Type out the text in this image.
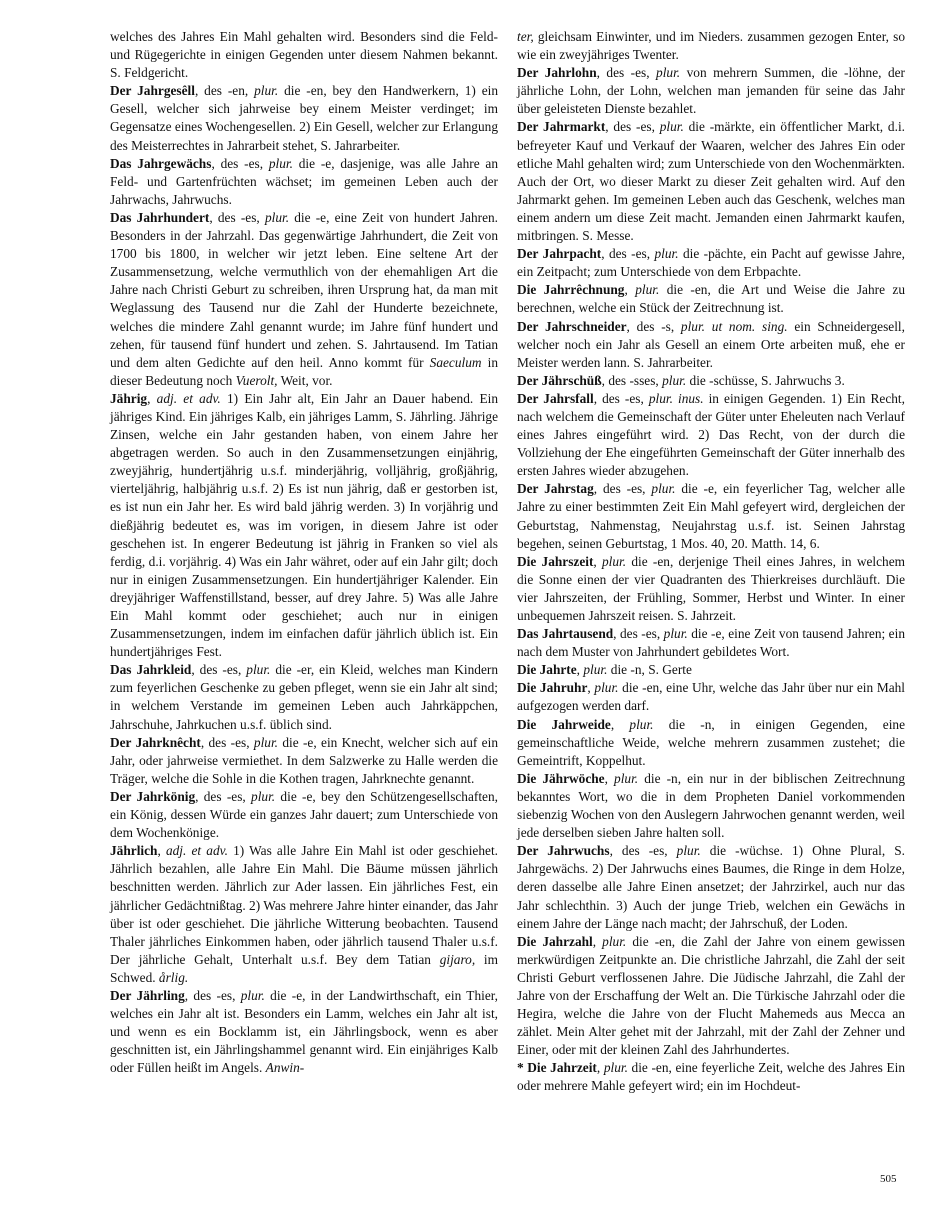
welches des Jahres Ein Mahl gehalten wird. Besonders sind die Feld- und Rügegerichte in einigen Gegenden unter diesem Nahmen bekannt. S. Feldgericht.

Der Jahrgesêll, des -en, plur. die -en, bey den Handwerkern, 1) ein Gesell, welcher sich jahrweise bey einem Meister verdinget; im Gegensatze eines Wochengesellen. 2) Ein Gesell, welcher zur Erlangung des Meisterrechtes in Jahrarbeit stehet, S. Jahrarbeiter.

Das Jahrgewächs, des -es, plur. die -e, dasjenige, was alle Jahre an Feld- und Gartenfrüchten wächset; im gemeinen Leben auch der Jahrwachs, Jahrwuchs.

Das Jahrhundert, des -es, plur. die -e, eine Zeit von hundert Jahren. Besonders in der Jahrzahl. Das gegenwärtige Jahrhundert, die Zeit von 1700 bis 1800, in welcher wir jetzt leben. Eine seltene Art der Zusammensetzung, welche vermuthlich von der ehemahligen Art die Jahre nach Christi Geburt zu schreiben, ihren Ursprung hat, da man mit Weglassung des Tausend nur die Zahl der Hunderte bezeichnete, welches die mindere Zahl genannt wurde; im Jahre fünf hundert und zehen, für tausend fünf hundert und zehen. S. Jahrtausend. Im Tatian und dem alten Gedichte auf den heil. Anno kommt für Saeculum in dieser Bedeutung noch Vuerolt, Weit, vor.

Jährig, adj. et adv. 1) Ein Jahr alt, Ein Jahr an Dauer habend. Ein jähriges Kind. Ein jähriges Kalb, ein jähriges Lamm, S. Jährling. Jährige Zinsen, welche ein Jahr gestanden haben, von einem Jahre her abgetragen werden. So auch in den Zusammensetzungen einjährig, zweyjährig, hundertjährig u.s.f. minderjährig, volljährig, großjährig, vierteljährig, halbjährig u.s.f. 2) Es ist nun jährig, daß er gestorben ist, es ist nun ein Jahr her. Es wird bald jährig werden. 3) In vorjährig und dießjährig bedeutet es, was im vorigen, in diesem Jahre ist oder geschehen ist. In engerer Bedeutung ist jährig in Franken so viel als ferdig, d.i. vorjährig. 4) Was ein Jahr währet, oder auf ein Jahr gilt; doch nur in einigen Zusammensetzungen. Ein hundertjähriger Kalender. Ein dreyjähriger Waffenstillstand, besser, auf drey Jahre. 5) Was alle Jahre Ein Mahl kommt oder geschiehet; auch nur in einigen Zusammensetzungen, indem im einfachen dafür jährlich üblich ist. Ein hundertjähriges Fest.

Das Jahrkleid, des -es, plur. die -er, ein Kleid, welches man Kindern zum feyerlichen Geschenke zu geben pfleget, wenn sie ein Jahr alt sind; in welchem Verstande im gemeinen Leben auch Jahrkäppchen, Jahrschuhe, Jahrkuchen u.s.f. üblich sind.

Der Jahrknêcht, des -es, plur. die -e, ein Knecht, welcher sich auf ein Jahr, oder jahrweise vermiethet. In dem Salzwerke zu Halle werden die Träger, welche die Sohle in die Kothen tragen, Jahrknechte genannt.

Der Jahrkönig, des -es, plur. die -e, bey den Schützengesellschaften, ein König, dessen Würde ein ganzes Jahr dauert; zum Unterschiede von dem Wochenkönige.

Jährlich, adj. et adv. 1) Was alle Jahre Ein Mahl ist oder geschiehet. Jährlich bezahlen, alle Jahre Ein Mahl. Die Bäume müssen jährlich beschnitten werden. Jährlich zur Ader lassen. Ein jährliches Fest, ein jährlicher Gedächtnißtag. 2) Was mehrere Jahre hinter einander, das Jahr über ist oder geschiehet. Die jährliche Witterung beobachten. Tausend Thaler jährliches Einkommen haben, oder jährlich tausend Thaler u.s.f. Der jährliche Gehalt, Unterhalt u.s.f. Bey dem Tatian gijaro, im Schwed. årlig.

Der Jährling, des -es, plur. die -e, in der Landwirthschaft, ein Thier, welches ein Jahr alt ist. Besonders ein Lamm, welches ein Jahr alt ist, und wenn es ein Bocklamm ist, ein Jährlingsbock, wenn es aber geschnitten ist, ein Jährlingshammel genannt wird. Ein einjähriges Kalb oder Füllen heißt im Angels. Anwin-

ter, gleichsam Einwinter, und im Nieders. zusammen gezogen Enter, so wie ein zweyjähriges Twenter.

Der Jahrlohn, des -es, plur. von mehrern Summen, die -löhne, der jährliche Lohn, der Lohn, welchen man jemanden für seine das Jahr über geleisteten Dienste bezahlet.

Der Jahrmarkt, des -es, plur. die -märkte, ein öffentlicher Markt, d.i. befreyeter Kauf und Verkauf der Waaren, welcher des Jahres Ein oder etliche Mahl gehalten wird; zum Unterschiede von den Wochenmärkten. Auch der Ort, wo dieser Markt zu dieser Zeit gehalten wird. Auf den Jahrmarkt gehen. Im gemeinen Leben auch das Geschenk, welches man einem andern um diese Zeit macht. Jemanden einen Jahrmarkt kaufen, mitbringen. S. Messe.

Der Jahrpacht, des -es, plur. die -pächte, ein Pacht auf gewisse Jahre, ein Zeitpacht; zum Unterschiede von dem Erbpachte.

Die Jahrrêchnung, plur. die -en, die Art und Weise die Jahre zu berechnen, welche ein Stück der Zeitrechnung ist.

Der Jahrschneider, des -s, plur. ut nom. sing. ein Schneidergesell, welcher noch ein Jahr als Gesell an einem Orte arbeiten muß, ehe er Meister werden lann. S. Jahrarbeiter.

Der Jährschüß, des -sses, plur. die -schüsse, S. Jahrwuchs 3.

Der Jahrsfall, des -es, plur. inus. in einigen Gegenden. 1) Ein Recht, nach welchem die Gemeinschaft der Güter unter Eheleuten nach Verlauf eines Jahres eingeführt wird. 2) Das Recht, von der durch die Vollziehung der Ehe eingeführten Gemeinschaft der Güter innerhalb des ersten Jahres wieder abzugehen.

Der Jahrstag, des -es, plur. die -e, ein feyerlicher Tag, welcher alle Jahre zu einer bestimmten Zeit Ein Mahl gefeyert wird, dergleichen der Geburtstag, Nahmenstag, Neujahrstag u.s.f. ist. Seinen Jahrstag begehen, seinen Geburtstag, 1 Mos. 40, 20. Matth. 14, 6.

Die Jahrszeit, plur. die -en, derjenige Theil eines Jahres, in welchem die Sonne einen der vier Quadranten des Thierkreises durchläuft. Die vier Jahrszeiten, der Frühling, Sommer, Herbst und Winter. In einer unbequemen Jahrszeit reisen. S. Jahrzeit.

Das Jahrtausend, des -es, plur. die -e, eine Zeit von tausend Jahren; ein nach dem Muster von Jahrhundert gebildetes Wort.

Die Jahrte, plur. die -n, S. Gerte

Die Jahruhr, plur. die -en, eine Uhr, welche das Jahr über nur ein Mahl aufgezogen werden darf.

Die Jahrweide, plur. die -n, in einigen Gegenden, eine gemeinschaftliche Weide, welche mehrern zusammen zustehet; die Gemeintrift, Koppelhut.

Die Jährwöche, plur. die -n, ein nur in der biblischen Zeitrechnung bekanntes Wort, wo die in dem Propheten Daniel vorkommenden siebenzig Wochen von den Auslegern Jahrwochen genannt werden, weil jede derselben sieben Jahre halten soll.

Der Jahrwuchs, des -es, plur. die -wüchse. 1) Ohne Plural, S. Jahrgewächs. 2) Der Jahrwuchs eines Baumes, die Ringe in dem Holze, deren dasselbe alle Jahre Einen ansetzet; der Jahrzirkel, auch nur das Jahr schlechthin. 3) Auch der junge Trieb, welchen ein Gewächs in einem Jahre der Länge nach macht; der Jahrschuß, der Loden.

Die Jahrzahl, plur. die -en, die Zahl der Jahre von einem gewissen merkwürdigen Zeitpunkte an. Die christliche Jahrzahl, die Zahl der seit Christi Geburt verflossenen Jahre. Die Jüdische Jahrzahl, die Zahl der Jahre von der Erschaffung der Welt an. Die Türkische Jahrzahl oder die Hegira, welche die Jahre von der Flucht Mahemeds aus Mecca an zählet. Mein Alter gehet mit der Jahrzahl, mit der Zahl der Zehner und Einer, oder mit der kleinen Zahl des Jahrhundertes.

* Die Jahrzeit, plur. die -en, eine feyerliche Zeit, welche des Jahres Ein oder mehrere Mahle gefeyert wird; ein im Hochdeut-

505
